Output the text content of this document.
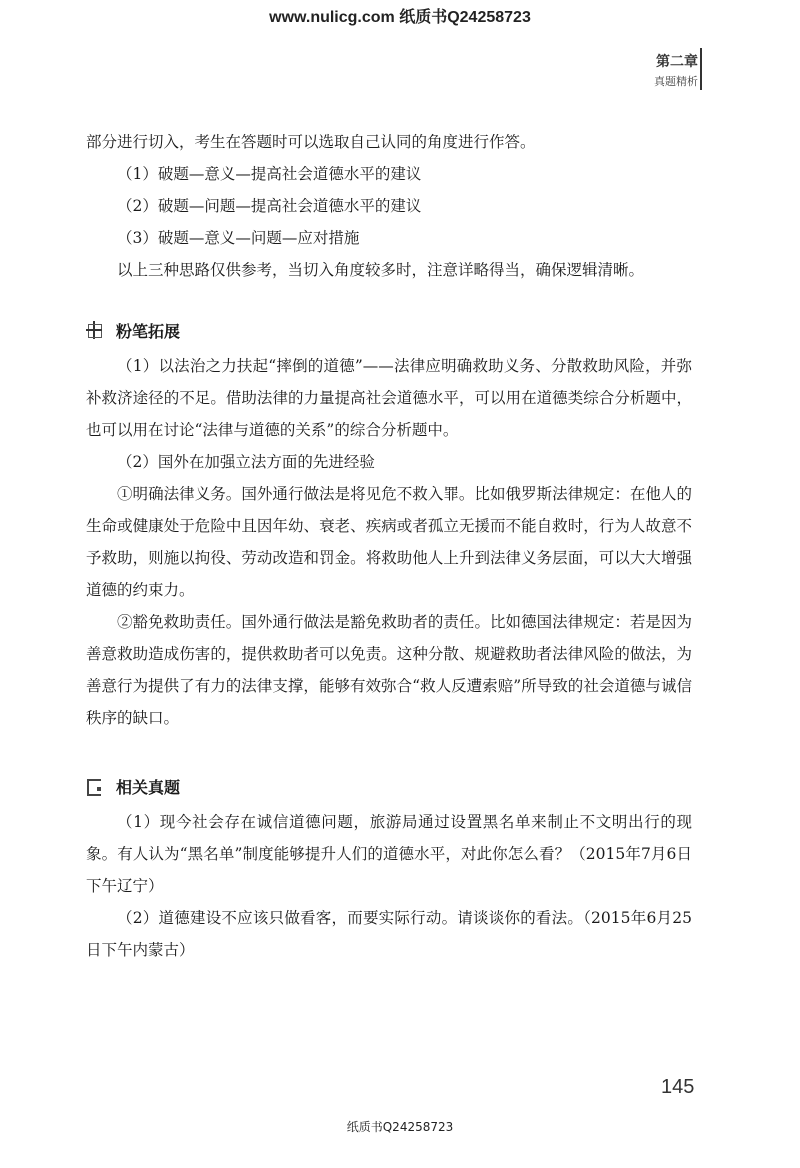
www.nulicg.com 纸质书Q24258723
第二章
真题精析

部分进行切入，考生在答题时可以选取自己认同的角度进行作答。

（1）破题—意义—提高社会道德水平的建议

（2）破题—问题—提高社会道德水平的建议

（3）破题—意义—问题—应对措施

以上三种思路仅供参考，当切入角度较多时，注意详略得当，确保逻辑清晰。

粉笔拓展

（1）以法治之力扶起“摔倒的道德”——法律应明确救助义务、分散救助风险，并弥补救济途径的不足。借助法律的力量提高社会道德水平，可以用在道德类综合分析题中，也可以用在讨论“法律与道德的关系”的综合分析题中。

（2）国外在加强立法方面的先进经验

①明确法律义务。国外通行做法是将见危不救入罪。比如俄罗斯法律规定：在他人的生命或健康处于危险中且因年幼、衰老、疾病或者孤立无援而不能自救时，行为人故意不予救助，则施以拘役、劳动改造和罚金。将救助他人上升到法律义务层面，可以大大增强道德的约束力。

②豁免救助责任。国外通行做法是豁免救助者的责任。比如德国法律规定：若是因为善意救助造成伤害的，提供救助者可以免责。这种分散、规避救助者法律风险的做法，为善意行为提供了有力的法律支撑，能够有效弥合“救人反遭索赔”所导致的社会道德与诚信秩序的缺口。

相关真题

（1）现今社会存在诚信道德问题，旅游局通过设置黑名单来制止不文明出行的现象。有人认为“黑名单”制度能够提升人们的道德水平，对此你怎么看？（2015年7月6日下午辽宁）

（2）道德建设不应该只做看客，而要实际行动。请谈谈你的看法。（2015年6月25日下午内蒙古）

145
纸质书Q24258723
